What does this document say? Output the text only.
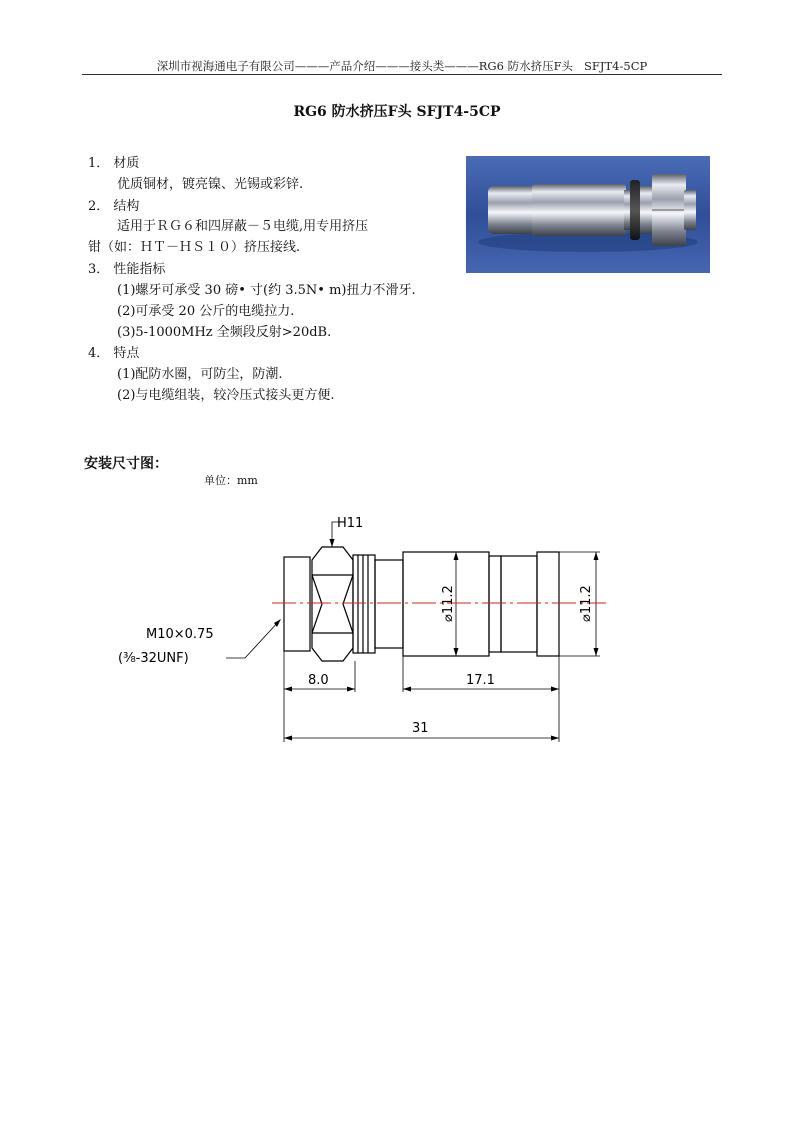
深圳市视海通电子有限公司———产品介绍———接头类———RG6 防水挤压F头 SFJT4-5CP
RG6 防水挤压F头 SFJT4-5CP
1． 材质
优质铜材，镀亮镍、光锡或彩锌.
2． 结构
适用于ＲＧ６和四屏蔽－５电缆,用专用挤压
钳（如：ＨＴ－ＨＳ１０）挤压接线.
3． 性能指标
(1)螺牙可承受 30 磅• 寸(约 3.5N• m)扭力不滑牙.
(2)可承受 20 公斤的电缆拉力.
(3)5-1000MHz 全频段反射>20dB.
4． 特点
(1)配防水圈，可防尘，防潮.
(2)与电缆组装，较冷压式接头更方便.
安装尺寸图：
单位：mm
H11
M10×0.75
(⅜-32UNF)
8.0	17.1
31
⌀11.2	⌀11.2
